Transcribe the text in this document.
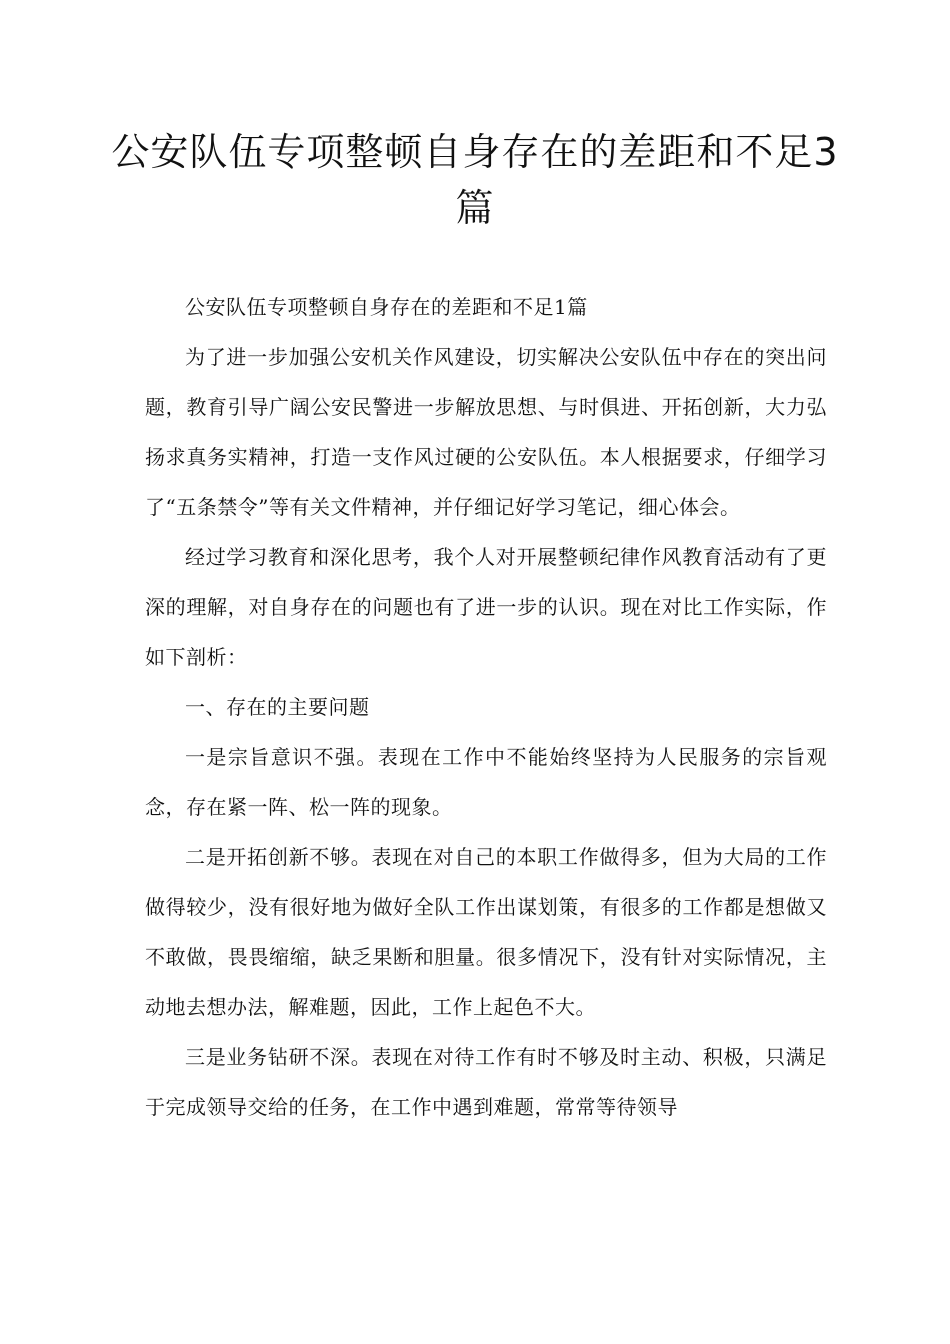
公安队伍专项整顿自身存在的差距和不足3篇

公安队伍专项整顿自身存在的差距和不足1篇

为了进一步加强公安机关作风建设，切实解决公安队伍中存在的突出问题，教育引导广阔公安民警进一步解放思想、与时俱进、开拓创新，大力弘扬求真务实精神，打造一支作风过硬的公安队伍。本人根据要求，仔细学习了“五条禁令”等有关文件精神，并仔细记好学习笔记，细心体会。

经过学习教育和深化思考，我个人对开展整顿纪律作风教育活动有了更深的理解，对自身存在的问题也有了进一步的认识。现在对比工作实际，作如下剖析：

一、存在的主要问题

一是宗旨意识不强。表现在工作中不能始终坚持为人民服务的宗旨观念，存在紧一阵、松一阵的现象。

二是开拓创新不够。表现在对自己的本职工作做得多，但为大局的工作做得较少，没有很好地为做好全队工作出谋划策，有很多的工作都是想做又不敢做，畏畏缩缩，缺乏果断和胆量。很多情况下，没有针对实际情况，主动地去想办法，解难题，因此，工作上起色不大。

三是业务钻研不深。表现在对待工作有时不够及时主动、积极，只满足于完成领导交给的任务，在工作中遇到难题，常常等待领导
